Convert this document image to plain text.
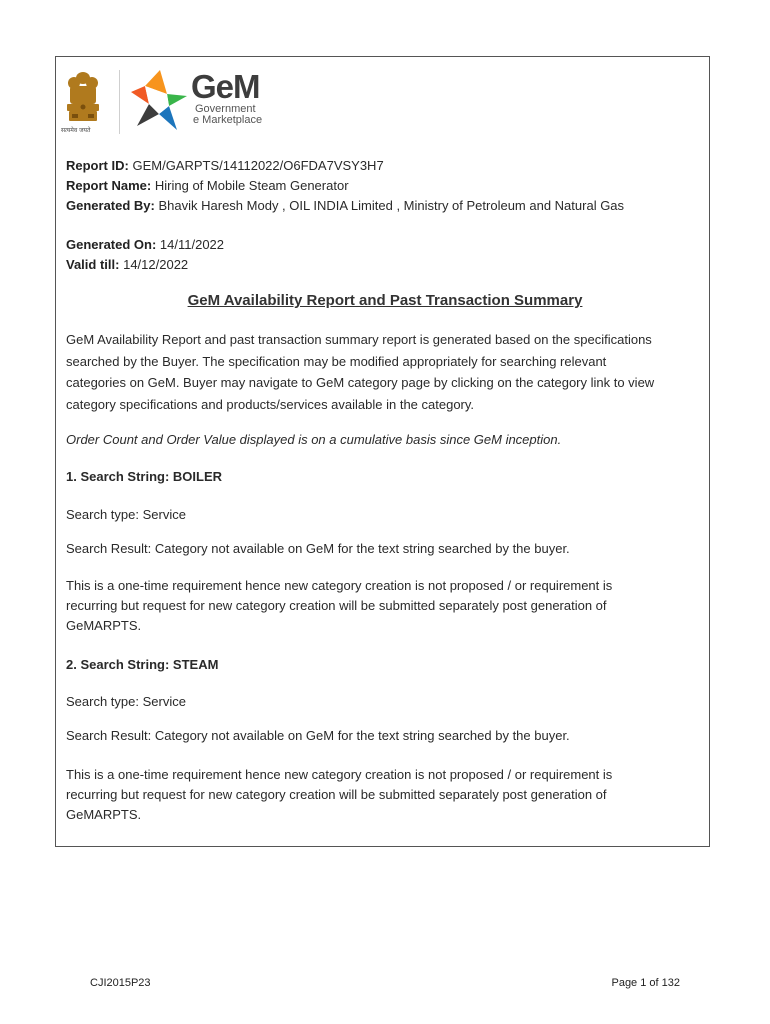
सत्यमेव जयते
GeM
Government
e Marketplace
Report ID: GEM/GARPTS/14112022/O6FDA7VSY3H7
Report Name: Hiring of Mobile Steam Generator
Generated By: Bhavik Haresh Mody , OIL INDIA Limited , Ministry of Petroleum and Natural Gas
Generated On: 14/11/2022
Valid till: 14/12/2022
GeM Availability Report and Past Transaction Summary
GeM Availability Report and past transaction summary report is generated based on the specifications
searched by the Buyer. The specification may be modified appropriately for searching relevant
categories on GeM. Buyer may navigate to GeM category page by clicking on the category link to view
category specifications and products/services available in the category.
Order Count and Order Value displayed is on a cumulative basis since GeM inception.
1. Search String: BOILER
Search type: Service
Search Result: Category not available on GeM for the text string searched by the buyer.
This is a one-time requirement hence new category creation is not proposed / or requirement is
recurring but request for new category creation will be submitted separately post generation of
GeMARPTS.
2. Search String: STEAM
Search type: Service
Search Result: Category not available on GeM for the text string searched by the buyer.
This is a one-time requirement hence new category creation is not proposed / or requirement is
recurring but request for new category creation will be submitted separately post generation of
GeMARPTS.
CJI2015P23	Page 1 of 132
